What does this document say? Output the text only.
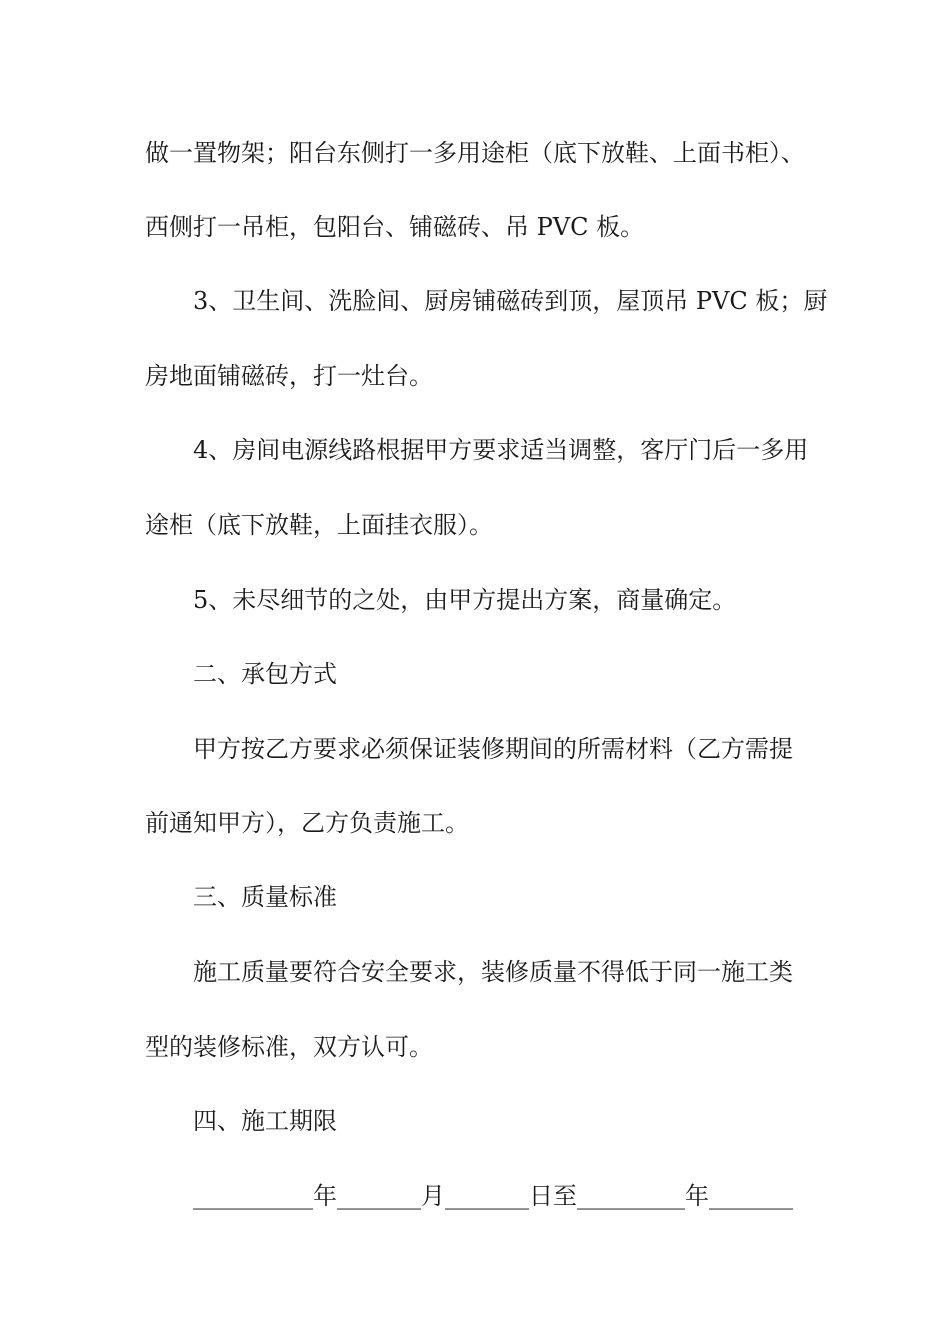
做一置物架；阳台东侧打一多用途柜（底下放鞋、上面书柜）、

西侧打一吊柜，包阳台、铺磁砖、吊 PVC 板。

3、卫生间、洗脸间、厨房铺磁砖到顶，屋顶吊 PVC 板；厨

房地面铺磁砖，打一灶台。

4、房间电源线路根据甲方要求适当调整，客厅门后一多用

途柜（底下放鞋，上面挂衣服）。

5、未尽细节的之处，由甲方提出方案，商量确定。

二、承包方式

甲方按乙方要求必须保证装修期间的所需材料（乙方需提

前通知甲方），乙方负责施工。

三、质量标准

施工质量要符合安全要求，装修质量不得低于同一施工类

型的装修标准，双方认可。

四、施工期限

__________年_______月_______日至_________年_______
